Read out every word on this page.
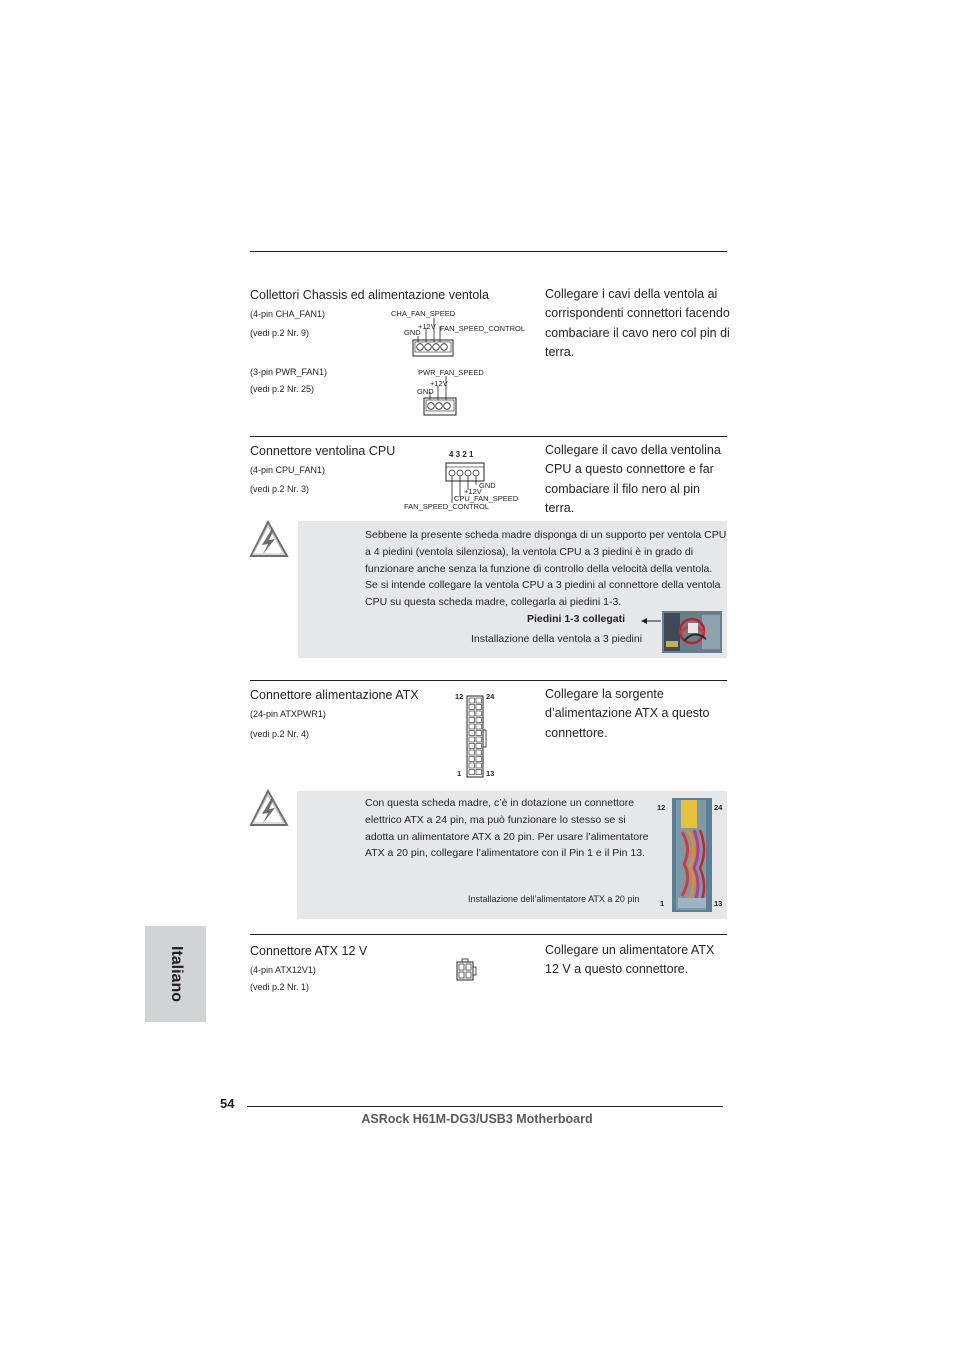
Collettori Chassis ed alimentazione ventola
(4-pin CHA_FAN1)
(vedi p.2 Nr. 9)
(3-pin PWR_FAN1)
(vedi p.2 Nr. 25)
Collegare i cavi della ventola ai corrispondenti connettori facendo combaciare il cavo nero col pin di terra.
CHA_FAN_SPEED
+12V
GND	FAN_SPEED_CONTROL
PWR_FAN_SPEED
+12V
GND
Connettore ventolina CPU
(4-pin CPU_FAN1)
(vedi p.2 Nr. 3)
Collegare il cavo della ventolina CPU a questo connettore e far combaciare il filo nero al pin terra.
4 3 2 1
GND
+12V
CPU_FAN_SPEED
FAN_SPEED_CONTROL
Sebbene la presente scheda madre disponga di un supporto per ventola CPU a 4 piedini (ventola silenziosa), la ventola CPU a 3 piedini è in grado di funzionare anche senza la funzione di controllo della velocità della ventola. Se si intende collegare la ventola CPU a 3 piedini al connettore della ventola CPU su questa scheda madre, collegarla ai piedini 1-3.
Piedini 1-3 collegati
Installazione della ventola a 3 piedini
Connettore alimentazione ATX
(24-pin ATXPWR1)
(vedi p.2 Nr. 4)
Collegare la sorgente d’alimentazione ATX a questo connettore.
12	24
1	13
Con questa scheda madre, c’è in dotazione un connettore elettrico ATX a 24 pin, ma può funzionare lo stesso se si adotta un alimentatore ATX a 20 pin. Per usare l’alimentatore ATX a 20 pin, collegare l’alimentatore con il Pin 1 e il Pin 13.
Installazione dell’alimentatore ATX a 20 pin
12	24
1	13
Connettore ATX 12 V
(4-pin ATX12V1)
(vedi p.2 Nr. 1)
Collegare un alimentatore ATX 12 V a questo connettore.
Italiano
54
ASRock H61M-DG3/USB3 Motherboard
